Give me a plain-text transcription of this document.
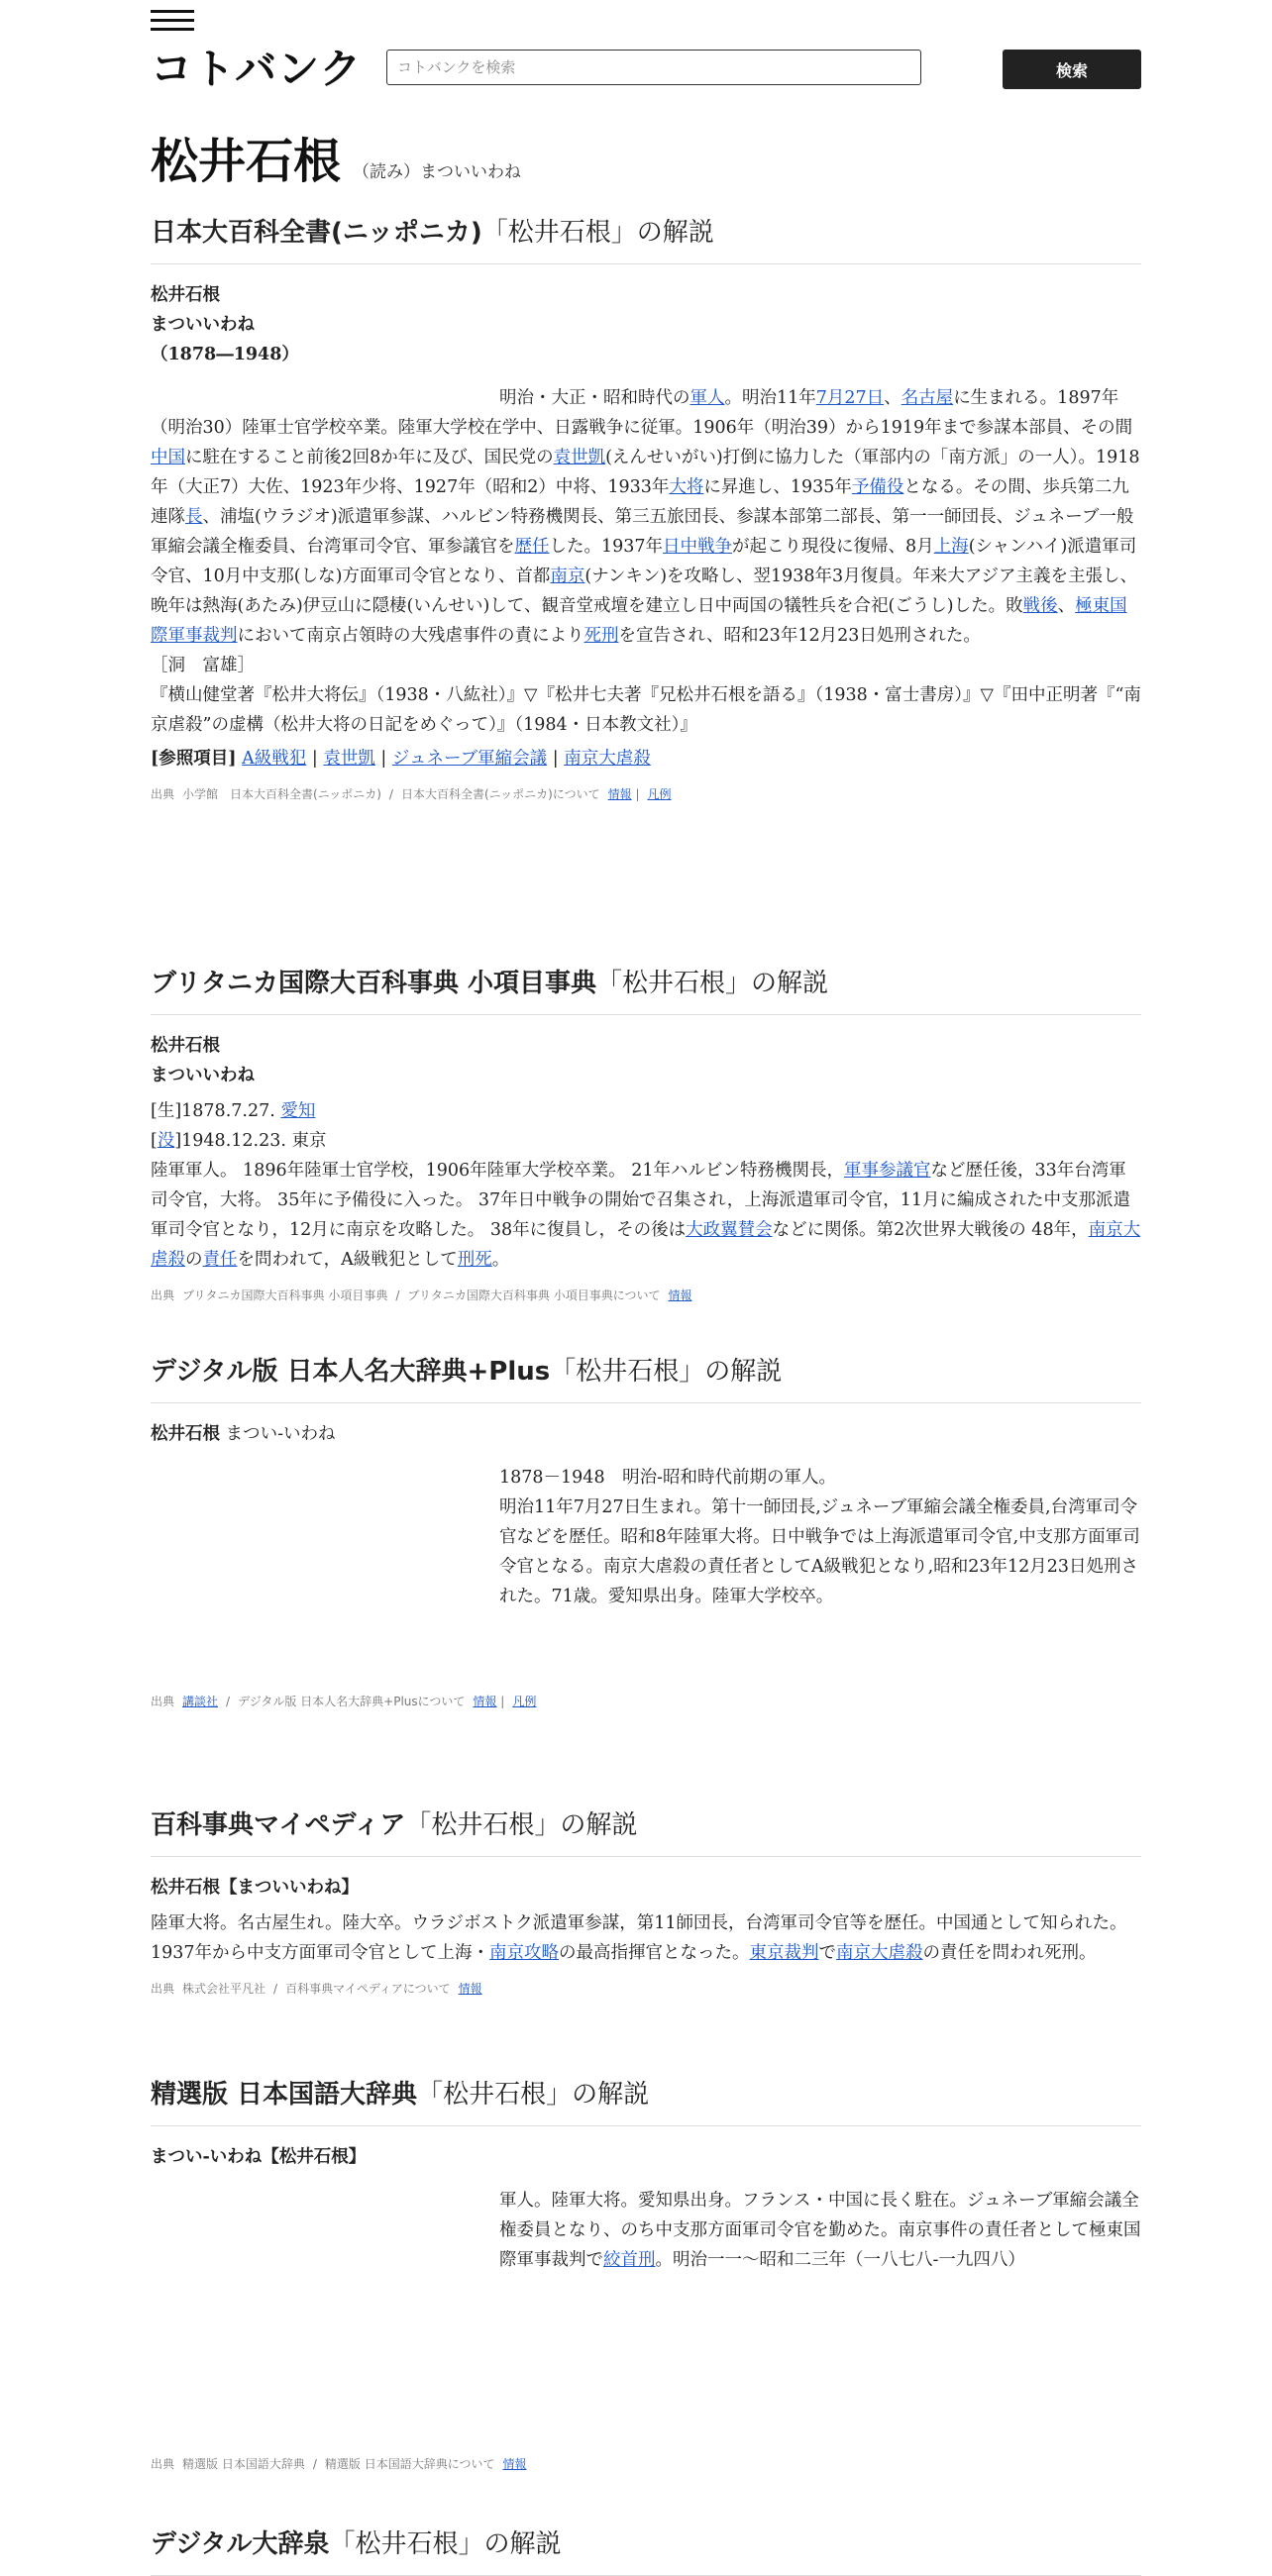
コトバンク
コトバンクを検索	検索
松井石根 （読み）まついいわね
日本大百科全書(ニッポニカ)「松井石根」の解説
松井石根
まついいわね
（1878―1948）

明治・大正・昭和時代の軍人。明治11年7月27日、名古屋に生まれる。1897年（明治30）陸軍士官学校卒業。陸軍大学校在学中、日露戦争に従軍。1906年（明治39）から1919年まで参謀本部員、その間中国に駐在すること前後2回8か年に及び、国民党の袁世凱(えんせいがい)打倒に協力した（軍部内の「南方派」の一人）。1918年（大正7）大佐、1923年少将、1927年（昭和2）中将、1933年大将に昇進し、1935年予備役となる。その間、歩兵第二九連隊長、浦塩(ウラジオ)派遣軍参謀、ハルビン特務機関長、第三五旅団長、参謀本部第二部長、第一一師団長、ジュネーブ一般軍縮会議全権委員、台湾軍司令官、軍参議官を歴任した。1937年日中戦争が起こり現役に復帰、8月上海(シャンハイ)派遣軍司令官、10月中支那(しな)方面軍司令官となり、首都南京(ナンキン)を攻略し、翌1938年3月復員。年来大アジア主義を主張し、晩年は熱海(あたみ)伊豆山に隠棲(いんせい)して、観音堂戒壇を建立し日中両国の犠牲兵を合祀(ごうし)した。敗戦後、極東国際軍事裁判において南京占領時の大残虐事件の責により死刑を宣告され、昭和23年12月23日処刑された。

［洞　富雄］
『横山健堂著『松井大将伝』（1938・八紘社）』▽『松井七夫著『兄松井石根を語る』（1938・富士書房）』▽『田中正明著『“南京虐殺”の虚構（松井大将の日記をめぐって）』（1984・日本教文社）』
[参照項目] A級戦犯 | 袁世凱 | ジュネーブ軍縮会議 | 南京大虐殺
出典 小学館　日本大百科全書(ニッポニカ) / 日本大百科全書(ニッポニカ)について 情報 | 凡例
ブリタニカ国際大百科事典 小項目事典「松井石根」の解説
松井石根
まついいわね
[生]1878.7.27. 愛知
[没]1948.12.23. 東京

陸軍軍人。 1896年陸軍士官学校，1906年陸軍大学校卒業。 21年ハルビン特務機関長，軍事参議官など歴任後，33年台湾軍司令官，大将。 35年に予備役に入った。 37年日中戦争の開始で召集され，上海派遣軍司令官，11月に編成された中支那派遣軍司令官となり，12月に南京を攻略した。 38年に復員し，その後は大政翼賛会などに関係。第2次世界大戦後の 48年，南京大虐殺の責任を問われて，A級戦犯として刑死。

出典 ブリタニカ国際大百科事典 小項目事典 / ブリタニカ国際大百科事典 小項目事典について 情報
デジタル版 日本人名大辞典+Plus「松井石根」の解説
松井石根 まつい-いわね
1878－1948　明治-昭和時代前期の軍人。
明治11年7月27日生まれ。第十一師団長,ジュネーブ軍縮会議全権委員,台湾軍司令官などを歴任。昭和8年陸軍大将。日中戦争では上海派遣軍司令官,中支那方面軍司令官となる。南京大虐殺の責任者としてA級戦犯となり,昭和23年12月23日処刑された。71歳。愛知県出身。陸軍大学校卒。
出典 講談社 / デジタル版 日本人名大辞典+Plusについて 情報 | 凡例
百科事典マイペディア「松井石根」の解説
松井石根【まついいわね】

陸軍大将。名古屋生れ。陸大卒。ウラジボストク派遣軍参謀，第11師団長，台湾軍司令官等を歴任。中国通として知られた。1937年から中支方面軍司令官として上海・南京攻略の最高指揮官となった。東京裁判で南京大虐殺の責任を問われ死刑。

出典 株式会社平凡社 / 百科事典マイペディアについて 情報
精選版 日本国語大辞典「松井石根」の解説
まつい‐いわね【松井石根】
軍人。陸軍大将。愛知県出身。フランス・中国に長く駐在。ジュネーブ軍縮会議全権委員となり、のち中支那方面軍司令官を勤めた。南京事件の責任者として極東国際軍事裁判で絞首刑。明治一一～昭和二三年（一八七八‐一九四八）
出典 精選版 日本国語大辞典 / 精選版 日本国語大辞典について 情報
デジタル大辞泉「松井石根」の解説
